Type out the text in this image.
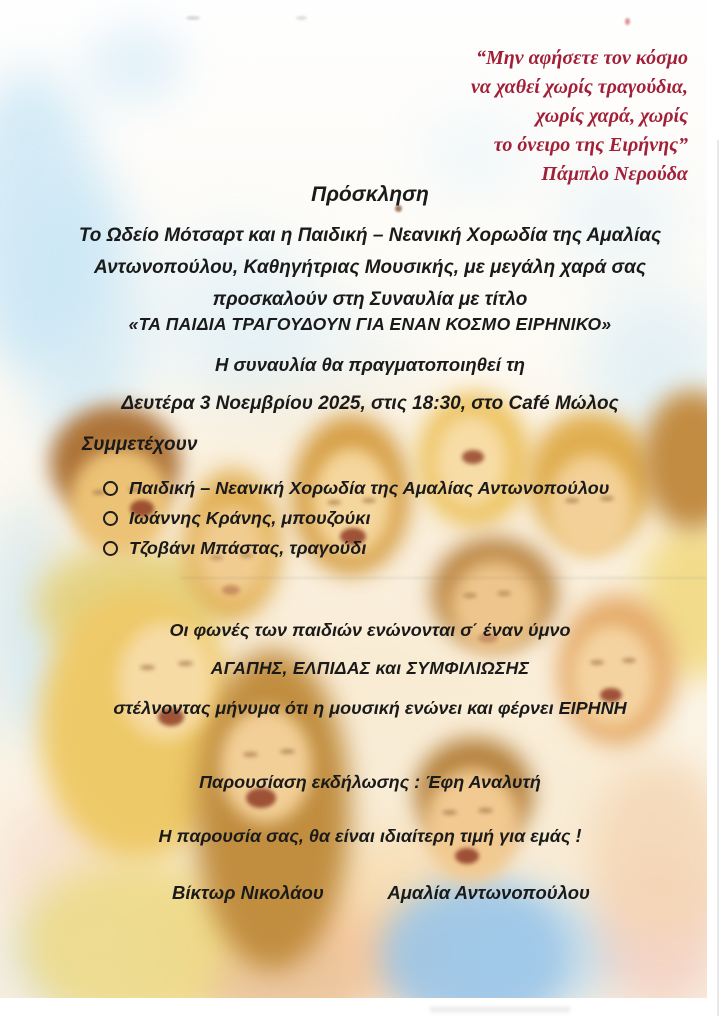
“Μην αφήσετε τον κόσμο
να χαθεί χωρίς τραγούδια,
χωρίς χαρά, χωρίς
το όνειρο της Ειρήνης”
Πάμπλο Νερούδα
Πρόσκληση
Το Ωδείο Μότσαρτ και η Παιδική – Νεανική Χορωδία της Αμαλίας
Αντωνοπούλου, Καθηγήτριας Μουσικής, με μεγάλη χαρά σας
προσκαλούν στη Συναυλία με τίτλο
«ΤΑ ΠΑΙΔΙΑ ΤΡΑΓΟΥΔΟΥΝ ΓΙΑ ΕΝΑΝ ΚΟΣΜΟ ΕΙΡΗΝΙΚΟ»
Η συναυλία θα πραγματοποιηθεί τη
Δευτέρα 3 Νοεμβρίου 2025, στις 18:30, στο Café Μώλος
Συμμετέχουν
Παιδική – Νεανική Χορωδία της Αμαλίας Αντωνοπούλου
Ιωάννης Κράνης, μπουζούκι
Τζοβάνι Μπάστας, τραγούδι
Οι φωνές των παιδιών ενώνονται σ΄ έναν ύμνο
ΑΓΑΠΗΣ, ΕΛΠΙΔΑΣ και ΣΥΜΦΙΛΙΩΣΗΣ
στέλνοντας μήνυμα ότι η μουσική ενώνει και φέρνει ΕΙΡΗΝΗ
Παρουσίαση εκδήλωσης : Έφη Αναλυτή
Η παρουσία σας, θα είναι ιδιαίτερη τιμή για εμάς !
Βίκτωρ Νικολάου	Αμαλία Αντωνοπούλου
